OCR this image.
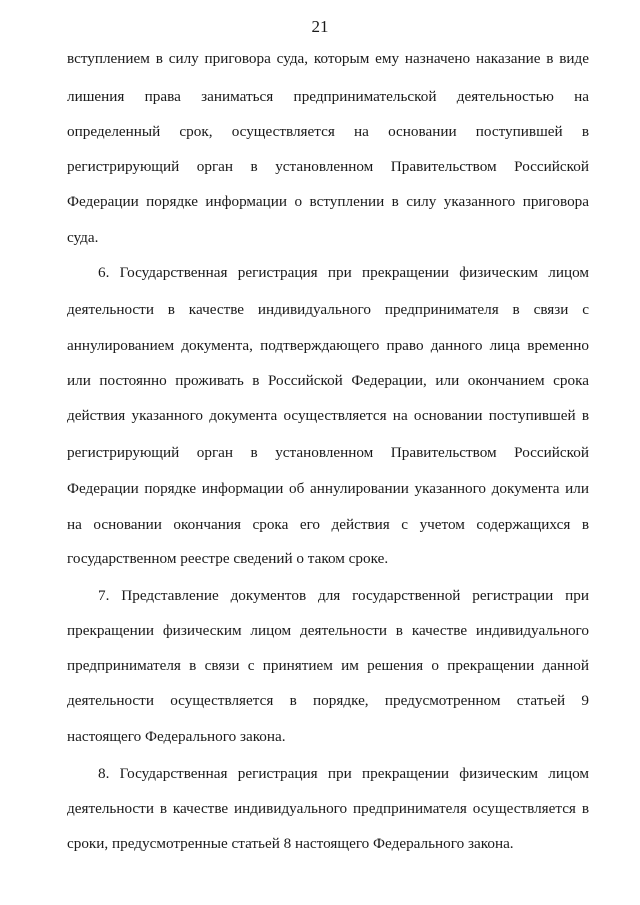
21
вступлением в силу приговора суда, которым ему назначено наказание в виде
лишения права заниматься предпринимательской деятельностью на
определенный срок, осуществляется на основании поступившей в
регистрирующий орган в установленном Правительством Российской
Федерации порядке информации о вступлении в силу указанного приговора
суда.
6. Государственная регистрация при прекращении физическим лицом
деятельности в качестве индивидуального предпринимателя в связи с
аннулированием документа, подтверждающего право данного лица временно
или постоянно проживать в Российской Федерации, или окончанием срока
действия указанного документа осуществляется на основании поступившей в
регистрирующий орган в установленном Правительством Российской
Федерации порядке информации об аннулировании указанного документа или
на основании окончания срока его действия с учетом содержащихся в
государственном реестре сведений о таком сроке.
7. Представление документов для государственной регистрации при
прекращении физическим лицом деятельности в качестве индивидуального
предпринимателя в связи с принятием им решения о прекращении данной
деятельности осуществляется в порядке, предусмотренном статьей 9
настоящего Федерального закона.
8. Государственная регистрация при прекращении физическим лицом
деятельности в качестве индивидуального предпринимателя осуществляется в
сроки, предусмотренные статьей 8 настоящего Федерального закона.
